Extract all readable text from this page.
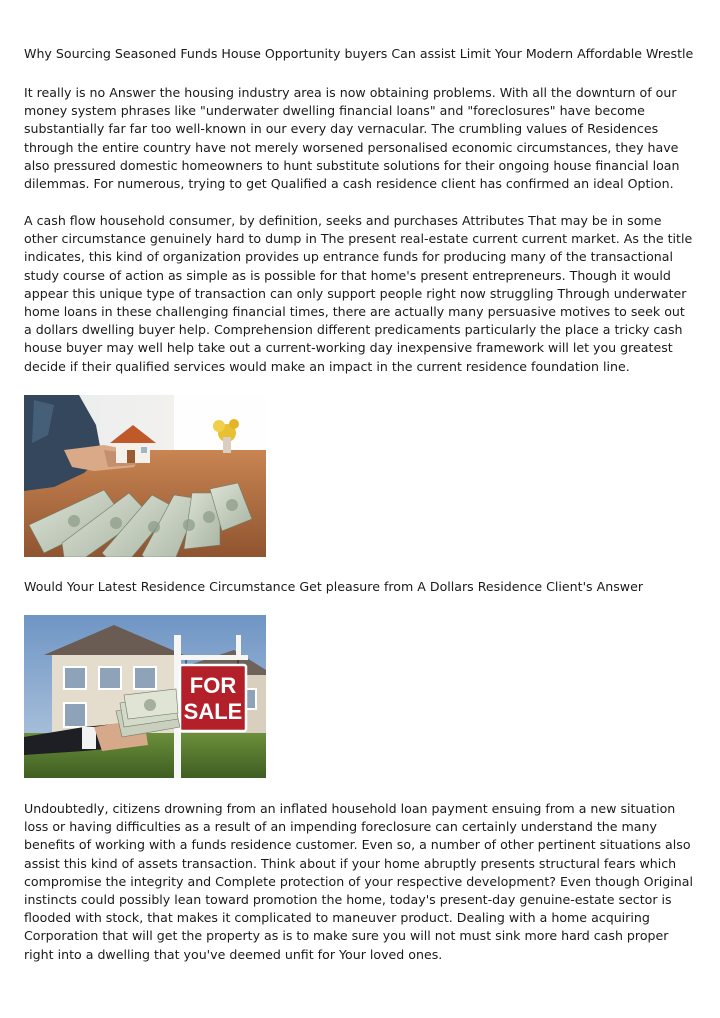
Why Sourcing Seasoned Funds House Opportunity buyers Can assist Limit Your Modern Affordable Wrestle

It really is no Answer the housing industry area is now obtaining problems. With all the downturn of our money system phrases like "underwater dwelling financial loans" and "foreclosures" have become substantially far far too well-known in our every day vernacular. The crumbling values of Residences through the entire country have not merely worsened personalised economic circumstances, they have also pressured domestic homeowners to hunt substitute solutions for their ongoing house financial loan dilemmas. For numerous, trying to get Qualified a cash residence client has confirmed an ideal Option.

A cash flow household consumer, by definition, seeks and purchases Attributes That may be in some other circumstance genuinely hard to dump in The present real-estate current current market. As the title indicates, this kind of organization provides up entrance funds for producing many of the transactional study course of action as simple as is possible for that home's present entrepreneurs. Though it would appear this unique type of transaction can only support people right now struggling Through underwater home loans in these challenging financial times, there are actually many persuasive motives to seek out a dollars dwelling buyer help. Comprehension different predicaments particularly the place a tricky cash house buyer may well help take out a current-working day inexpensive framework will let you greatest decide if their qualified services would make an impact in the current residence foundation line.

Would Your Latest Residence Circumstance Get pleasure from A Dollars Residence Client's Answer
FOR
SALE

Undoubtedly, citizens drowning from an inflated household loan payment ensuing from a new situation loss or having difficulties as a result of an impending foreclosure can certainly understand the many benefits of working with a funds residence customer. Even so, a number of other pertinent situations also assist this kind of assets transaction. Think about if your home abruptly presents structural fears which compromise the integrity and Complete protection of your respective development? Even though Original instincts could possibly lean toward promotion the home, today's present-day genuine-estate sector is flooded with stock, that makes it complicated to maneuver product. Dealing with a home acquiring Corporation that will get the property as is to make sure you will not must sink more hard cash proper right into a dwelling that you've deemed unfit for Your loved ones.
